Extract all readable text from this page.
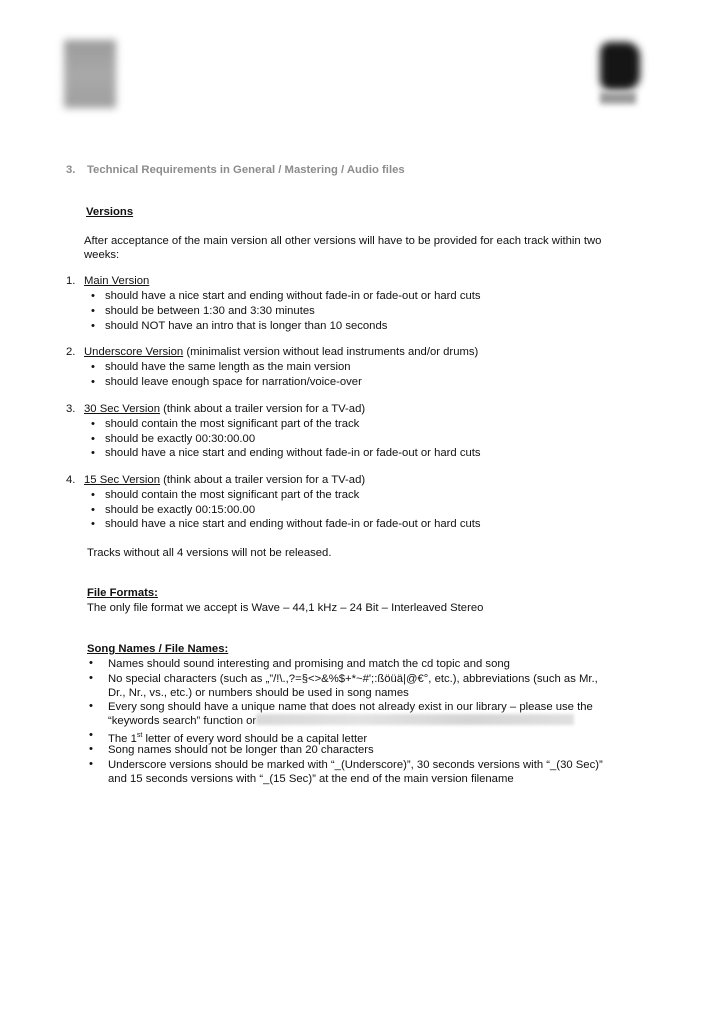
3. Technical Requirements in General / Mastering / Audio files
Versions
After acceptance of the main version all other versions will have to be provided for each track within two
weeks:
1. Main Version
• should have a nice start and ending without fade-in or fade-out or hard cuts
• should be between 1:30 and 3:30 minutes
• should NOT have an intro that is longer than 10 seconds
2. Underscore Version (minimalist version without lead instruments and/or drums)
• should have the same length as the main version
• should leave enough space for narration/voice-over
3. 30 Sec Version (think about a trailer version for a TV-ad)
• should contain the most significant part of the track
• should be exactly 00:30:00.00
• should have a nice start and ending without fade-in or fade-out or hard cuts
4. 15 Sec Version (think about a trailer version for a TV-ad)
• should contain the most significant part of the track
• should be exactly 00:15:00.00
• should have a nice start and ending without fade-in or fade-out or hard cuts
Tracks without all 4 versions will not be released.
File Formats:
The only file format we accept is Wave – 44,1 kHz – 24 Bit – Interleaved Stereo
Song Names / File Names:
• Names should sound interesting and promising and match the cd topic and song
• No special characters (such as „”/!\.,?=§<>&%$+*~#';:ßöüä|@€°, etc.), abbreviations (such as Mr.,
Dr., Nr., vs., etc.) or numbers should be used in song names
• Every song should have a unique name that does not already exist in our library – please use the
“keywords search” function or
• The 1st letter of every word should be a capital letter
• Song names should not be longer than 20 characters
• Underscore versions should be marked with “_(Underscore)”, 30 seconds versions with “_(30 Sec)”
and 15 seconds versions with “_(15 Sec)” at the end of the main version filename
